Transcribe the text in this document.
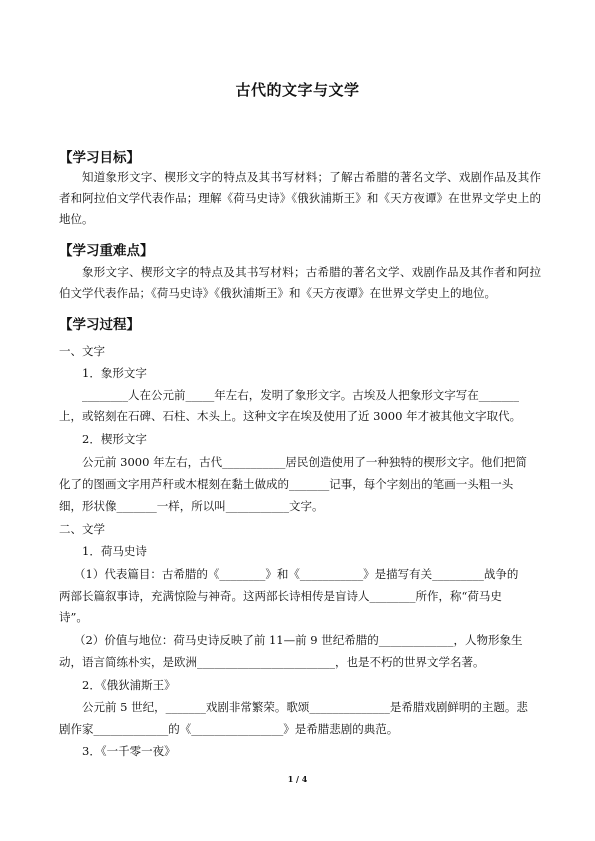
古代的文字与文学
【学习目标】

知道象形文字、楔形文字的特点及其书写材料；了解古希腊的著名文学、戏剧作品及其作者和阿拉伯文学代表作品；理解《荷马史诗》《俄狄浦斯王》和《天方夜谭》在世界文学史上的地位。

【学习重难点】

象形文字、楔形文字的特点及其书写材料；古希腊的著名文学、戏剧作品及其作者和阿拉伯文学代表作品；《荷马史诗》《俄狄浦斯王》和《天方夜谭》在世界文学史上的地位。

【学习过程】
一、文字
1．象形文字
________人在公元前_____年左右，发明了象形文字。古埃及人把象形文字写在_______
上，或铭刻在石碑、石柱、木头上。这种文字在埃及使用了近 3000 年才被其他文字取代。
2．楔形文字
公元前 3000 年左右，古代___________居民创造使用了一种独特的楔形文字。他们把简
化了的图画文字用芦秆或木棍刻在黏土做成的_______记事，每个字刻出的笔画一头粗一头
细，形状像_______一样，所以叫___________文字。
二、文学
1．荷马史诗
（1）代表篇目：古希腊的《________》和《___________》是描写有关_________战争的
两部长篇叙事诗，充满惊险与神奇。这两部长诗相传是盲诗人________所作，称“荷马史
诗”。
（2）价值与地位：荷马史诗反映了前 11—前 9 世纪希腊的_____________，人物形象生
动，语言简练朴实，是欧洲________________________，也是不朽的世界文学名著。
2．《俄狄浦斯王》
公元前 5 世纪，_______戏剧非常繁荣。歌颂______________是希腊戏剧鲜明的主题。悲
剧作家_____________的《________________》是希腊悲剧的典范。
3．《一千零一夜》
1 / 4
